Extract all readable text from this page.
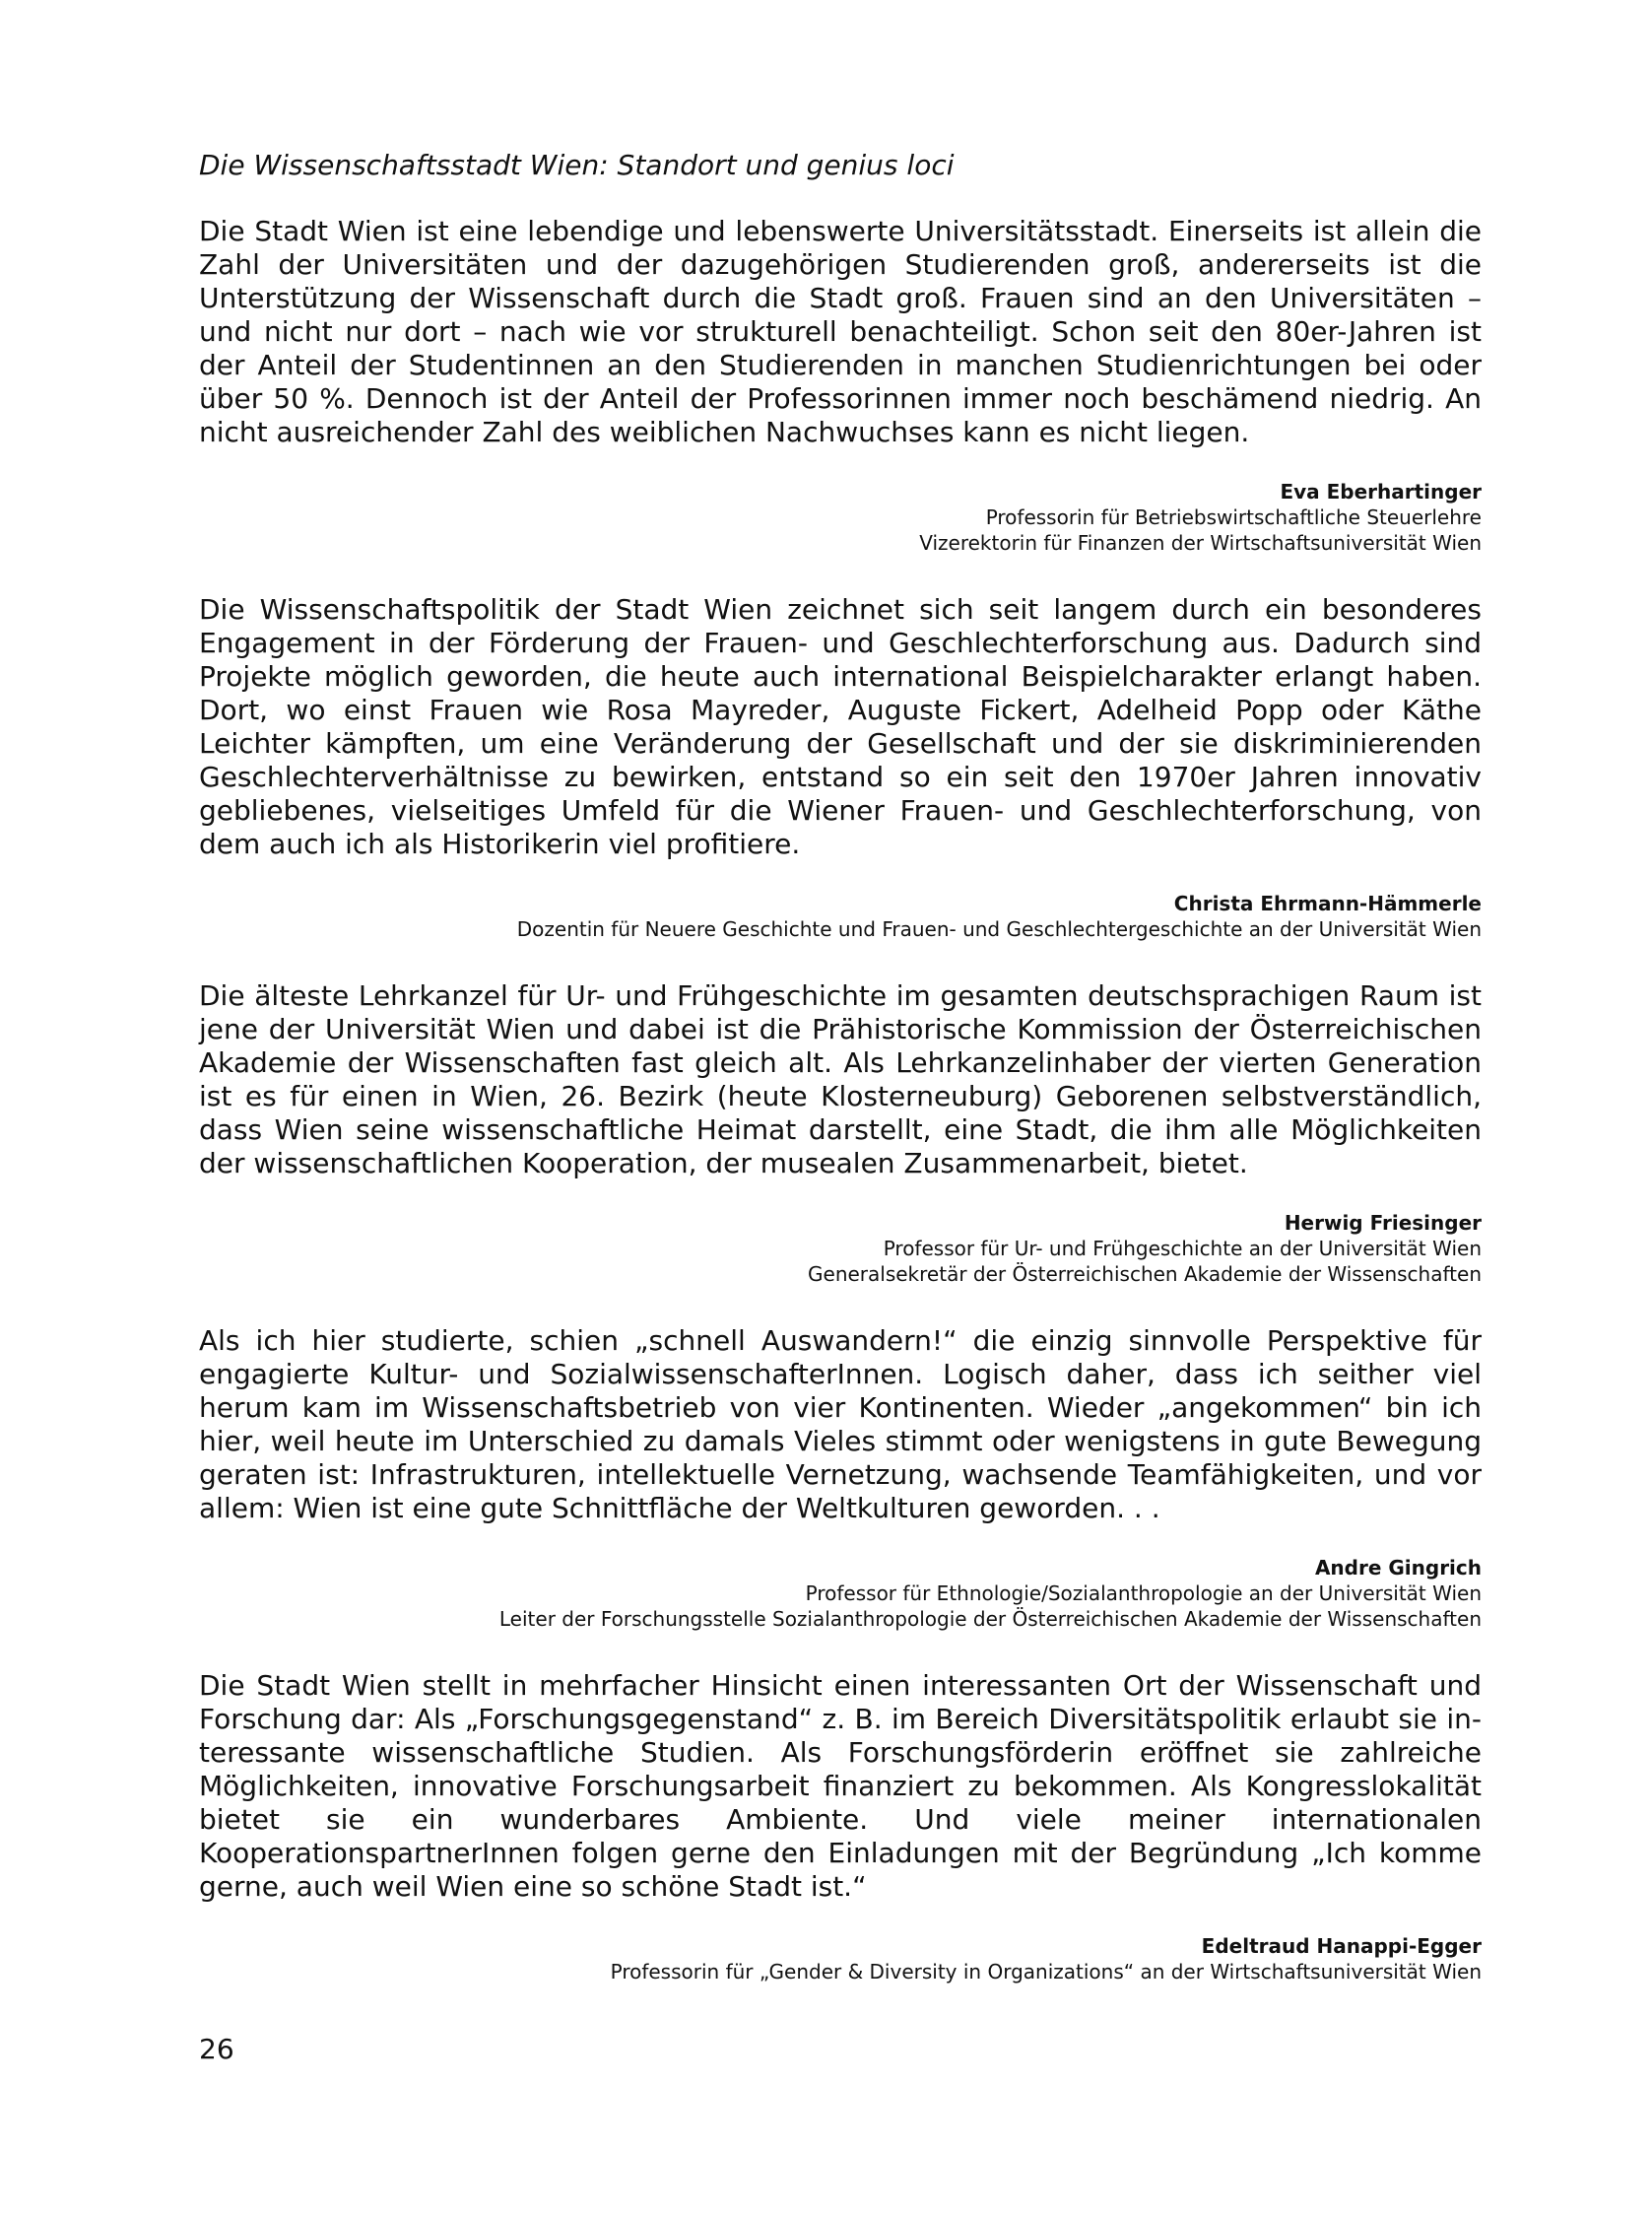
Die Wissenschaftsstadt Wien: Standort und genius loci

Die Stadt Wien ist eine lebendige und lebenswerte Universitätsstadt. Einerseits ist allein die Zahl der Universitäten und der dazugehörigen Studierenden groß, andererseits ist die Unterstützung der Wissenschaft durch die Stadt groß. Frauen sind an den Universitäten – und nicht nur dort – nach wie vor strukturell benachteiligt. Schon seit den 80er-Jahren ist der Anteil der Studentinnen an den Studierenden in manchen Studienrichtungen bei oder über 50 %. Dennoch ist der Anteil der Professorinnen immer noch beschämend niedrig. An nicht ausreichender Zahl des weiblichen Nachwuchses kann es nicht liegen.

Eva Eberhartinger

Professorin für Betriebswirtschaftliche Steuerlehre

Vizerektorin für Finanzen der Wirtschaftsuniversität Wien

Die Wissenschaftspolitik der Stadt Wien zeichnet sich seit langem durch ein besonderes Engagement in der Förderung der Frauen- und Geschlechterforschung aus. Dadurch sind Projekte möglich geworden, die heute auch international Beispielcharakter erlangt haben. Dort, wo einst Frauen wie Rosa Mayreder, Auguste Fickert, Adelheid Popp oder Käthe Leichter kämpften, um eine Veränderung der Gesellschaft und der sie diskriminierenden Geschlechterverhältnisse zu bewirken, entstand so ein seit den 1970er Jahren innovativ gebliebenes, vielseitiges Umfeld für die Wiener Frauen- und Geschlechterforschung, von dem auch ich als Historikerin viel profitiere.

Christa Ehrmann-Hämmerle

Dozentin für Neuere Geschichte und Frauen- und Geschlechtergeschichte an der Universität Wien

Die älteste Lehrkanzel für Ur- und Frühgeschichte im gesamten deutschsprachigen Raum ist jene der Universität Wien und dabei ist die Prähistorische Kommission der Österreichischen Akademie der Wissenschaften fast gleich alt. Als Lehrkanzelinhaber der vierten Generation ist es für einen in Wien, 26. Bezirk (heute Klosterneuburg) Geborenen selbstverständlich, dass Wien seine wissenschaftliche Heimat darstellt, eine Stadt, die ihm alle Möglichkeiten der wissenschaftlichen Kooperation, der musealen Zusammenarbeit, bietet.

Herwig Friesinger

Professor für Ur- und Frühgeschichte an der Universität Wien

Generalsekretär der Österreichischen Akademie der Wissenschaften

Als ich hier studierte, schien „schnell Auswandern!“ die einzig sinnvolle Perspektive für engagierte Kultur- und SozialwissenschafterInnen. Logisch daher, dass ich seither viel herum kam im Wissenschaftsbetrieb von vier Kontinenten. Wieder „angekommen“ bin ich hier, weil heute im Unterschied zu damals Vieles stimmt oder wenigstens in gute Bewegung geraten ist: Infrastrukturen, intellektuelle Vernetzung, wachsende Teamfähigkeiten, und vor allem: Wien ist eine gute Schnittfläche der Weltkulturen geworden. . .

Andre Gingrich

Professor für Ethnologie/Sozialanthropologie an der Universität Wien

Leiter der Forschungsstelle Sozialanthropologie der Österreichischen Akademie der Wissenschaften

Die Stadt Wien stellt in mehrfacher Hinsicht einen interessanten Ort der Wissenschaft und Forschung dar: Als „Forschungsgegenstand“ z. B. im Bereich Diversitätspolitik erlaubt sie interessante wissenschaftliche Studien. Als Forschungsförderin eröffnet sie zahlreiche Möglichkeiten, innovative Forschungsarbeit finanziert zu bekommen. Als Kongresslokalität bietet sie ein wunderbares Ambiente. Und viele meiner internationalen KooperationspartnerInnen folgen gerne den Einladungen mit der Begründung „Ich komme gerne, auch weil Wien eine so schöne Stadt ist.“

Edeltraud Hanappi-Egger

Professorin für „Gender & Diversity in Organizations“ an der Wirtschaftsuniversität Wien

26
